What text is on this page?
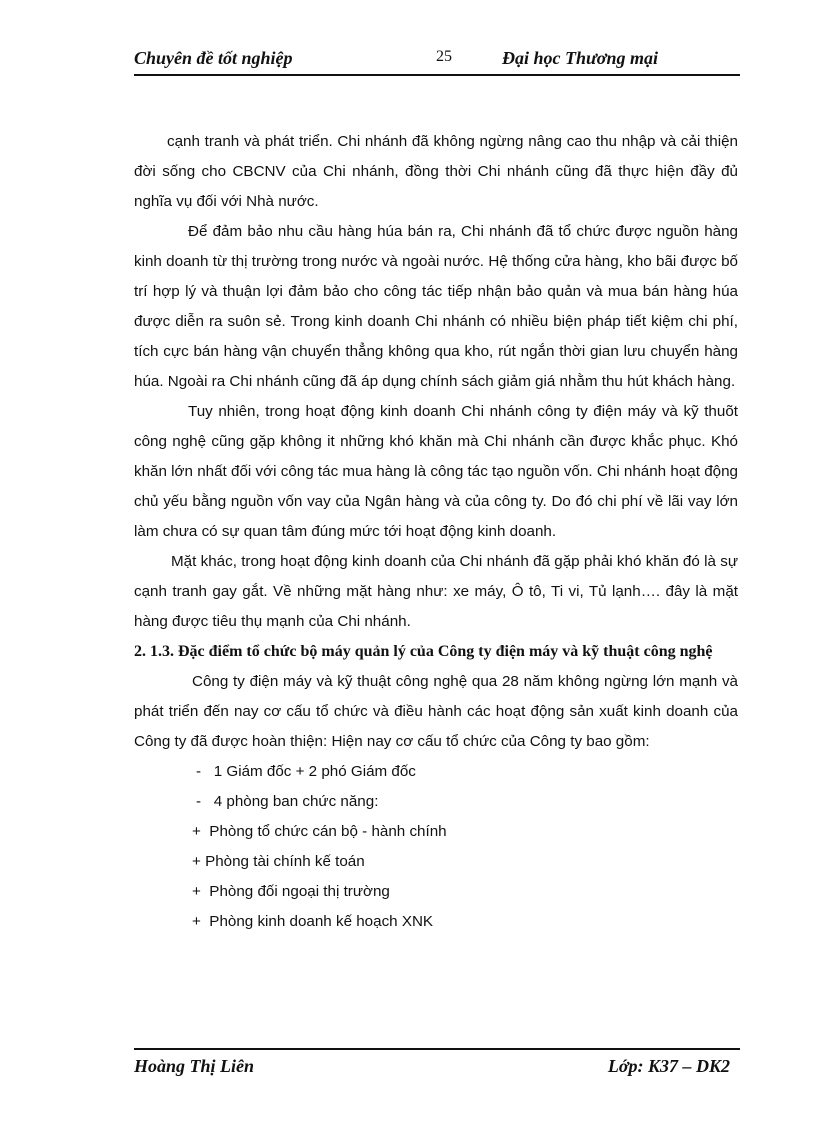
Chuyên đề tốt nghiệp	25	Đại học Thương mại

cạnh tranh và phát triển. Chi nhánh đã không ngừng nâng cao thu nhập và cải thiện đời sống cho CBCNV của Chi nhánh, đồng thời Chi nhánh cũng đã thực hiện đầy đủ nghĩa vụ đối với Nhà nước.

Để đảm bảo nhu cầu hàng húa bán ra, Chi nhánh đã tổ chức được nguồn hàng kinh doanh từ thị trường trong nước và ngoài nước. Hệ thống cửa hàng, kho bãi được bố trí hợp lý và thuận lợi đảm bảo cho công tác tiếp nhận bảo quản và mua bán hàng húa được diễn ra suôn sẻ. Trong kinh doanh Chi nhánh có nhiều biện pháp tiết kiệm chi phí, tích cực bán hàng vận chuyển thẳng không qua kho, rút ngắn thời gian lưu chuyển hàng húa. Ngoài ra Chi nhánh cũng đã áp dụng chính sách giảm giá nhằm thu hút khách hàng.

Tuy nhiên, trong hoạt động kinh doanh Chi nhánh công ty điện máy và kỹ thuõt công nghệ cũng gặp không it những khó khăn mà Chi nhánh cần được khắc phục. Khó khăn lớn nhất đối với công tác mua hàng là công tác tạo nguồn vốn. Chi nhánh hoạt động chủ yếu bằng nguồn vốn vay của Ngân hàng và của công ty. Do đó chi phí về lãi vay lớn làm chưa có sự quan tâm đúng mức tới hoạt động kinh doanh.

Mặt khác, trong hoạt động kinh doanh của Chi nhánh đã gặp phải khó khăn đó là sự cạnh tranh gay gắt. Về những mặt hàng như: xe máy, Ô tô, Ti vi, Tủ lạnh…. đây là mặt hàng được tiêu thụ mạnh của Chi nhánh.

2. 1.3. Đặc điểm tổ chức bộ máy quản lý của Công ty điện máy và kỹ thuật công nghệ

Công ty điện máy và kỹ thuật công nghệ qua 28 năm không ngừng lớn mạnh và phát triển đến nay cơ cấu tổ chức và điều hành các hoạt động sản xuất kinh doanh của Công ty đã được hoàn thiện: Hiện nay cơ cấu tổ chức của Công ty bao gồm:

-   1 Giám đốc + 2 phó Giám đốc
-   4 phòng ban chức năng:
+  Phòng tổ chức cán bộ - hành chính
+ Phòng tài chính kế toán
+  Phòng đối ngoại thị trường
+  Phòng kinh doanh kế hoạch XNK
Hoàng Thị Liên	Lớp: K37 – DK2
